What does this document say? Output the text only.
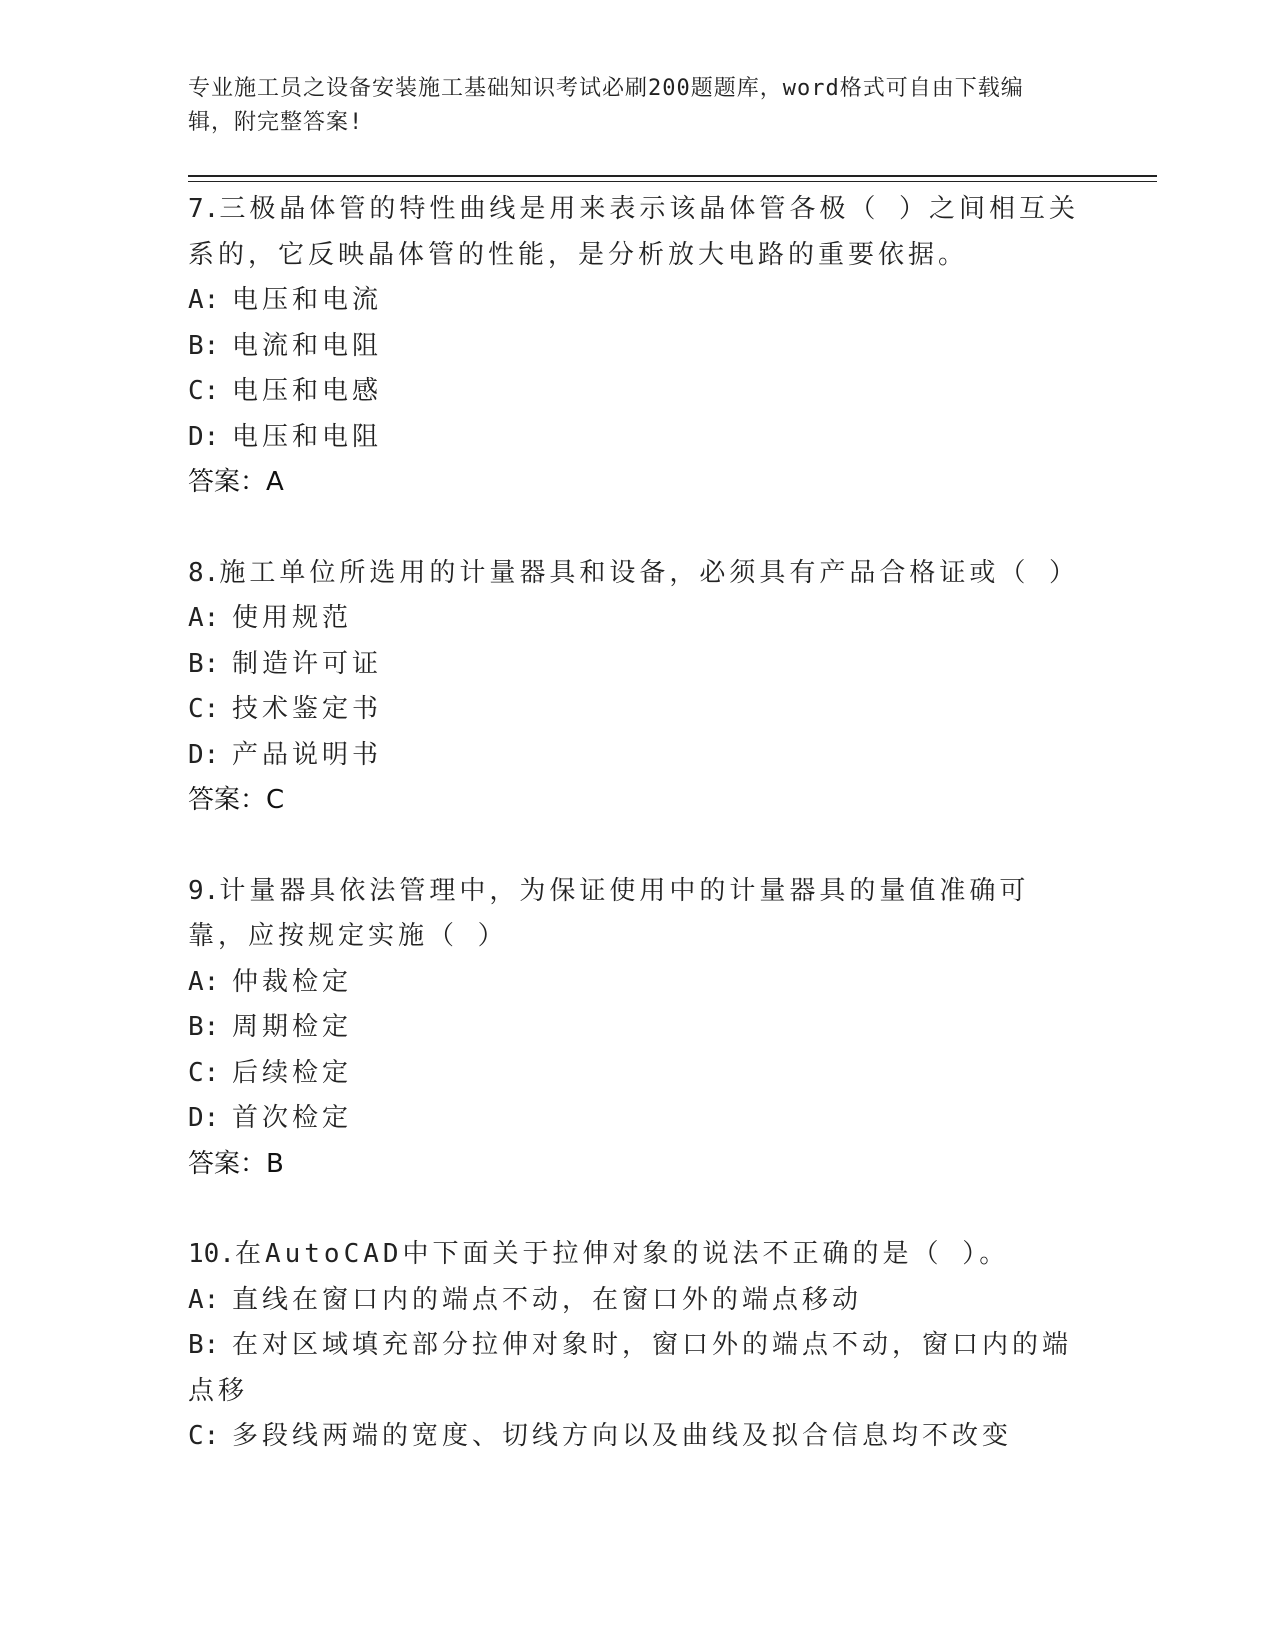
专业施工员之设备安装施工基础知识考试必刷200题题库，word格式可自由下载编辑，附完整答案!
7.三极晶体管的特性曲线是用来表示该晶体管各极（ ）之间相互关系的，它反映晶体管的性能，是分析放大电路的重要依据。
A: 电压和电流
B: 电流和电阻
C: 电压和电感
D: 电压和电阻
答案：A
8.施工单位所选用的计量器具和设备，必须具有产品合格证或（ ）
A: 使用规范
B: 制造许可证
C: 技术鉴定书
D: 产品说明书
答案：C
9.计量器具依法管理中，为保证使用中的计量器具的量值准确可靠，应按规定实施（ ）
A: 仲裁检定
B: 周期检定
C: 后续检定
D: 首次检定
答案：B
10.在AutoCAD中下面关于拉伸对象的说法不正确的是（ ）。
A: 直线在窗口内的端点不动，在窗口外的端点移动
B: 在对区域填充部分拉伸对象时，窗口外的端点不动，窗口内的端点移
C: 多段线两端的宽度、切线方向以及曲线及拟合信息均不改变
